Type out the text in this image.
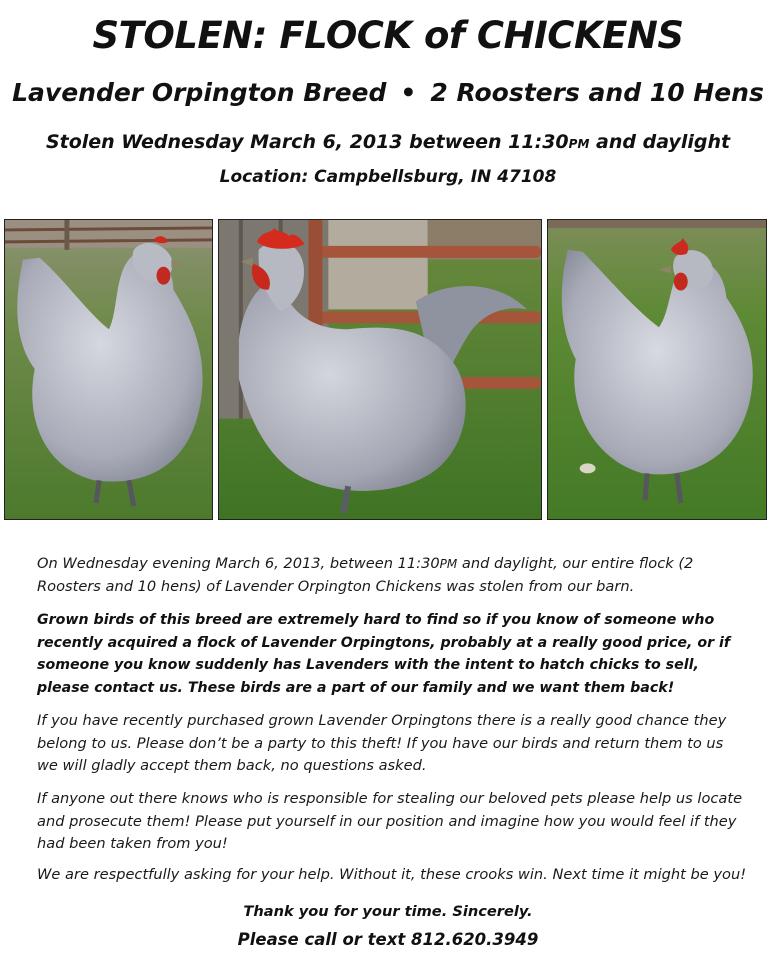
STOLEN: FLOCK of CHICKENS
Lavender Orpington Breed • 2 Roosters and 10 Hens
Stolen Wednesday March 6, 2013 between 11:30PM and daylight
Location: Campbellsburg, IN 47108
On Wednesday evening March 6, 2013, between 11:30PM and daylight, our entire flock (2 Roosters and 10 hens) of Lavender Orpington Chickens was stolen from our barn.
Grown birds of this breed are extremely hard to find so if you know of someone who recently acquired a flock of Lavender Orpingtons, probably at a really good price, or if someone you know suddenly has Lavenders with the intent to hatch chicks to sell, please contact us. These birds are a part of our family and we want them back!
If you have recently purchased grown Lavender Orpingtons there is a really good chance they belong to us. Please don’t be a party to this theft! If you have our birds and return them to us we will gladly accept them back, no questions asked.
If anyone out there knows who is responsible for stealing our beloved pets please help us locate and prosecute them! Please put yourself in our position and imagine how you would feel if they had been taken from you!
We are respectfully asking for your help. Without it, these crooks win. Next time it might be you!
Thank you for your time. Sincerely.
Please call or text 812.620.3949
